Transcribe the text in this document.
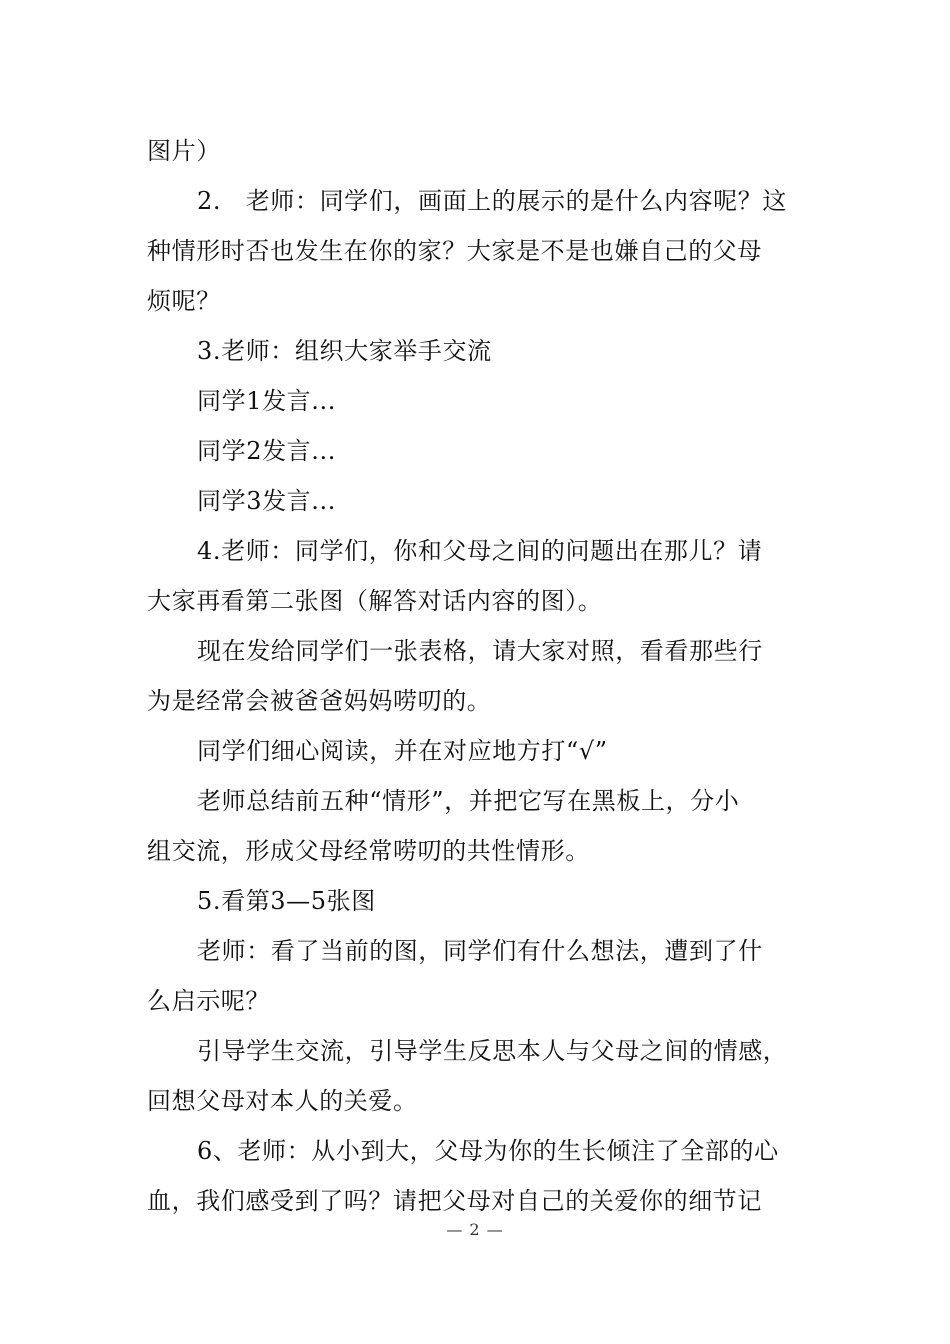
图片）
2.   老师：同学们，画面上的展示的是什么内容呢？这
种情形时否也发生在你的家？大家是不是也嫌自己的父母
烦呢？
3.老师：组织大家举手交流
同学1发言...
同学2发言...
同学3发言...
4.老师：同学们，你和父母之间的问题出在那儿？请
大家再看第二张图（解答对话内容的图）。
现在发给同学们一张表格，请大家对照，看看那些行
为是经常会被爸爸妈妈唠叨的。
同学们细心阅读，并在对应地方打“√”
老师总结前五种“情形”，并把它写在黑板上，分小
组交流，形成父母经常唠叨的共性情形。
5.看第3—5张图
老师：看了当前的图，同学们有什么想法，遭到了什
么启示呢？
引导学生交流，引导学生反思本人与父母之间的情感，
回想父母对本人的关爱。
6、老师：从小到大，父母为你的生长倾注了全部的心
血，我们感受到了吗？请把父母对自己的关爱你的细节记
— 2 —
